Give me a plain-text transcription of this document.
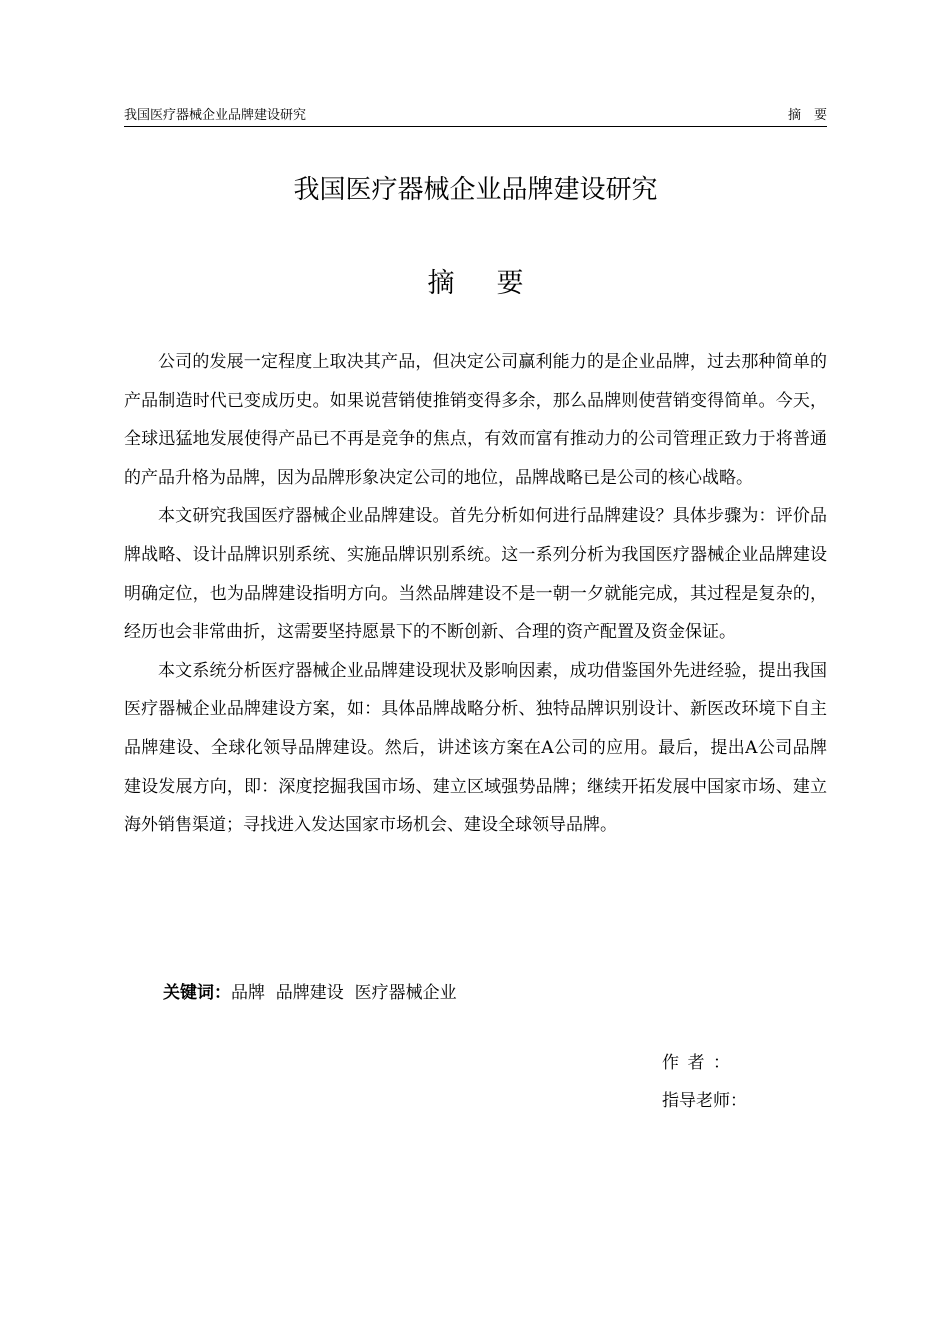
我国医疗器械企业品牌建设研究	摘　要
我国医疗器械企业品牌建设研究
摘要

公司的发展一定程度上取决其产品，但决定公司赢利能力的是企业品牌，过去那种简单的产品制造时代已变成历史。如果说营销使推销变得多余，那么品牌则使营销变得简单。今天，全球迅猛地发展使得产品已不再是竞争的焦点，有效而富有推动力的公司管理正致力于将普通的产品升格为品牌，因为品牌形象决定公司的地位，品牌战略已是公司的核心战略。

本文研究我国医疗器械企业品牌建设。首先分析如何进行品牌建设？具体步骤为：评价品牌战略、设计品牌识别系统、实施品牌识别系统。这一系列分析为我国医疗器械企业品牌建设明确定位，也为品牌建设指明方向。当然品牌建设不是一朝一夕就能完成，其过程是复杂的，经历也会非常曲折，这需要坚持愿景下的不断创新、合理的资产配置及资金保证。

本文系统分析医疗器械企业品牌建设现状及影响因素，成功借鉴国外先进经验，提出我国医疗器械企业品牌建设方案，如：具体品牌战略分析、独特品牌识别设计、新医改环境下自主品牌建设、全球化领导品牌建设。然后，讲述该方案在A公司的应用。最后，提出A公司品牌建设发展方向，即：深度挖掘我国市场、建立区域强势品牌；继续开拓发展中国家市场、建立海外销售渠道；寻找进入发达国家市场机会、建设全球领导品牌。

关键词：品牌  品牌建设  医疗器械企业
作者：
指导老师：
